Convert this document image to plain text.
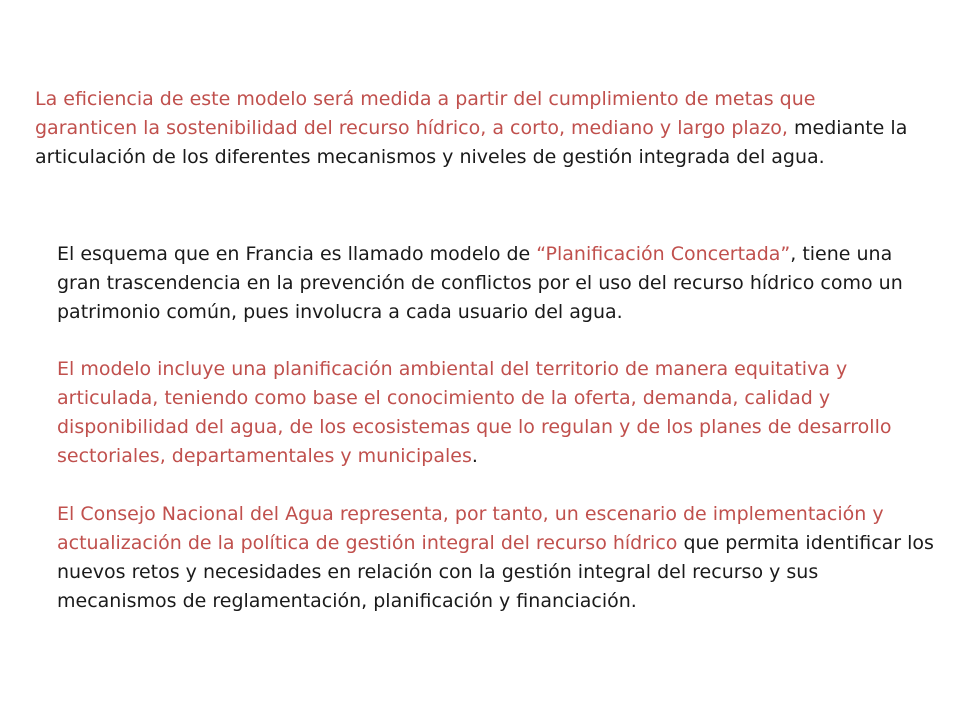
La eficiencia de este modelo será medida a partir del cumplimiento de metas que garanticen la sostenibilidad del recurso hídrico, a corto, mediano y largo plazo, mediante la articulación de los diferentes mecanismos y niveles de gestión integrada del agua.

El esquema que en Francia es llamado modelo de “Planificación Concertada”, tiene una gran trascendencia en la prevención de conflictos por el uso del recurso hídrico como un patrimonio común, pues involucra a cada usuario del agua.

El modelo incluye una planificación ambiental del territorio de manera equitativa y articulada, teniendo como base el conocimiento de la oferta, demanda, calidad y disponibilidad del agua, de los ecosistemas que lo regulan y de los planes de desarrollo sectoriales, departamentales y municipales.

El Consejo Nacional del Agua representa, por tanto, un escenario de implementación y actualización de la política de gestión integral del recurso hídrico que permita identificar los nuevos retos y necesidades en relación con la gestión integral del recurso y sus mecanismos de reglamentación, planificación y financiación.
